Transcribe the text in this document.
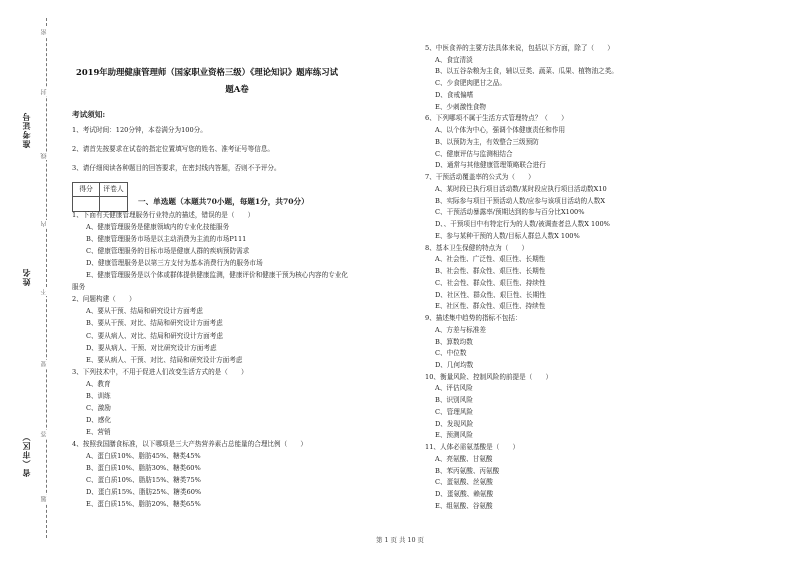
准考证号
姓名
省（市区）
密
封
线
内
不
要
答
题
2019年助理健康管理师（国家职业资格三级）《理论知识》题库练习试
题A卷
考试须知:
1、考试时间：120分钟，本卷满分为100分。
2、请首先按要求在试卷的指定位置填写您的姓名、准考证号等信息。
3、请仔细阅读各种题目的回答要求，在密封线内答题，否则不予评分。
得分	评卷人
一、单选题（本题共70小题，每题1分，共70分）
1、下面有关健康管理服务行业特点的描述，错误的是（　　）
A、健康管理服务是健康领域内的专业化技能服务
B、健康管理服务市场是以主动消费为主流的市场P111
C、健康管理服务的目标市场是健康人群的疾病预防需求
D、健康管理服务是以第三方支付为基本消费行为的服务市场
E、健康管理服务是以个体或群体提供健康监测，健康评价和健康干预为核心内容的专业化
服务
2、问题构建（　　）
A、要从干预、结局和研究设计方面考虑
B、要从干预、对比、结局和研究设计方面考虑
C、要从病人、对比、结局和研究设计方面考虑
D、要从病人、干预、对比研究设计方面考虑
E、要从病人、干预、对比、结局和研究设计方面考虑
3、下列技术中，不用于促进人们改变生活方式的是（　　）
A、教育
B、训练
C、激励
D、感化
E、营销
4、按照我国膳食标准，以下哪项是三大产热营养素占总能量的合理比例（　　）
A、蛋白质10%、脂肪45%、糖类45%
B、蛋白质10%、脂肪30%、糖类60%
C、蛋白质10%、脂肪15%、糖类75%
D、蛋白质15%、脂肪25%、糖类60%
E、蛋白质15%、脂肪20%、糖类65%
5、中医食养的主要方法具体来说，包括以下方面，除了（　　）
A、食宜清淡
B、以五谷杂粮为主食，辅以豆类、蔬菜、瓜果、植物油之类。
C、少食肥肉肥甘之品。
D、食戒偏嗜
E、少刺激性食物
6、下列哪项不属于生活方式管理特点？（　　）
A、以个体为中心，强调个体健康责任和作用
B、以预防为主，有效整合三级预防
C、健康评估与监测相结合
D、通常与其他健康管理策略联合进行
7、干预活动覆盖率的公式为（　　）
A、某时段已执行项目活动数/某时段应执行项目活动数X10
B、实际参与项目干预活动人数/应参与该项目活动的人数X
C、干预活动暴露率/预期达到的参与百分比X100%
D、、干预项目中有特定行为的人数/被调查者总人数X 100%
E、参与某种干预的人数/目标人群总人数X 100%
8、基本卫生保健的特点为（　　）
A、社会性、广泛性、艰巨性、长期性
B、社会性、群众性、艰巨性、长期性
C、社会性、群众性、艰巨性、持续性
D、社区性、群众性、艰巨性、长期性
E、社区性、群众性、艰巨性、持续性
9、描述集中趋势的指标不包括：
A、方差与标准差
B、算数均数
C、中位数
D、几何均数
10、衡量风险、控制风险的前提是（　　）
A、评估风险
B、识别风险
C、管理风险
D、发现风险
E、预测风险
11、人体必需氨基酸是（　　）
A、亮氨酸、甘氨酸
B、苯丙氨酸、丙氨酸
C、蛋氨酸、丝氨酸
D、蛋氨酸、赖氨酸
E、组氨酸、谷氨酸
第 1 页 共 10 页
